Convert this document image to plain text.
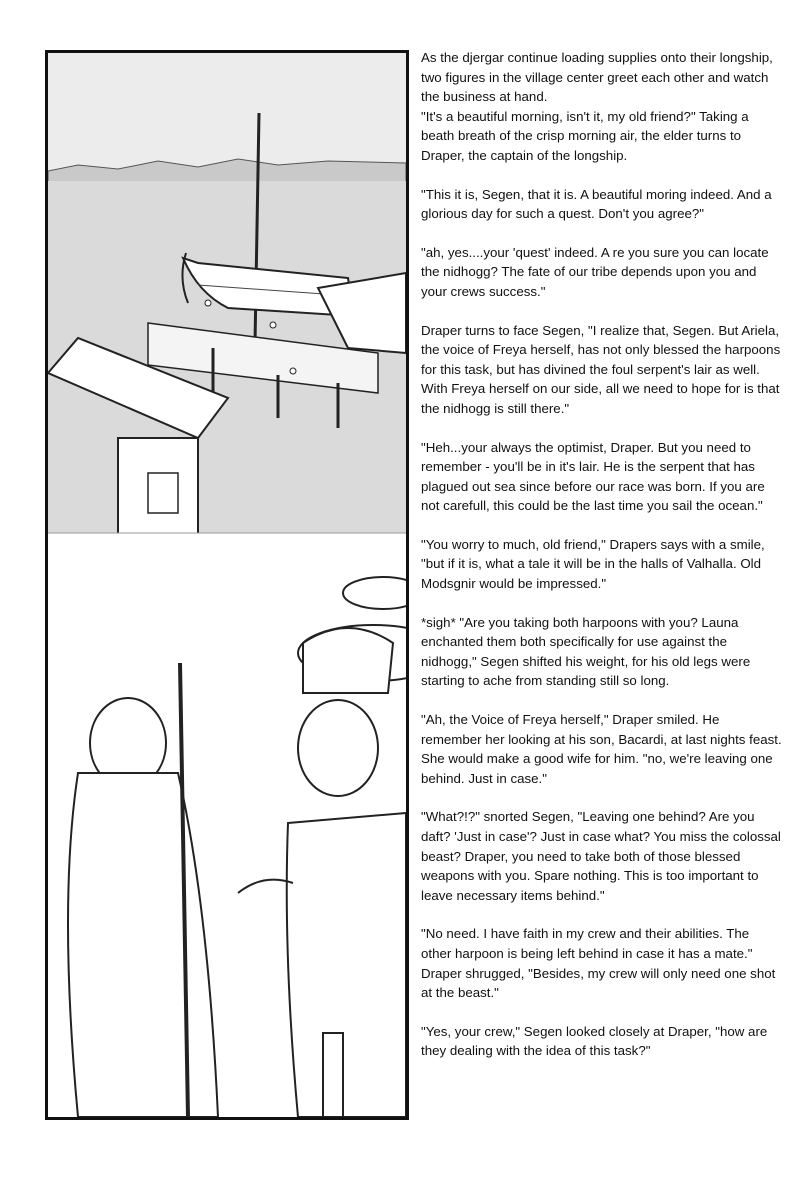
As the djergar continue loading supplies onto their longship, two figures in the village center greet each other and watch the business at hand.

"It's a beautiful morning, isn't it, my old friend?" Taking a beath breath of the crisp morning air, the elder turns to Draper, the captain of the longship.

"This it is, Segen, that it is. A beautiful moring indeed. And a glorious day for such a quest. Don't you agree?"

"ah, yes....your 'quest' indeed. A re you sure you can locate the nidhogg? The fate of our tribe depends upon you and your crews success."

Draper turns to face Segen, "I realize that, Segen. But Ariela, the voice of Freya herself, has not only blessed the harpoons for this task, but has divined the foul serpent's lair as well. With Freya herself on our side, all we need to hope for is that the nidhogg is still there."

"Heh...your always the optimist, Draper. But you need to remember - you'll be in it's lair. He is the serpent that has plagued out sea since before our race was born. If you are not carefull, this could be the last time you sail the ocean."

"You worry to much, old friend," Drapers says with a smile, "but if it is, what a tale it will be in the halls of Valhalla. Old Modsgnir would be impressed."

*sigh* "Are you taking both harpoons with you? Launa enchanted them both specifically for use against the nidhogg," Segen shifted his weight, for his old legs were starting to ache from standing still so long.

"Ah, the Voice of Freya herself," Draper smiled. He remember her looking at his son, Bacardi, at last nights feast. She would make a good wife for him. "no, we're leaving one behind. Just in case."

"What?!?" snorted Segen, "Leaving one behind? Are you daft? 'Just in case'? Just in case what? You miss the colossal beast? Draper, you need to take both of those blessed weapons with you. Spare nothing. This is too important to leave necessary items behind."

"No need. I have faith in my crew and their abilities. The other harpoon is being left behind in case it has a mate." Draper shrugged, "Besides, my crew will only need one shot at the beast."

"Yes, your crew," Segen looked closely at Draper, "how are they dealing with the idea of this task?"
